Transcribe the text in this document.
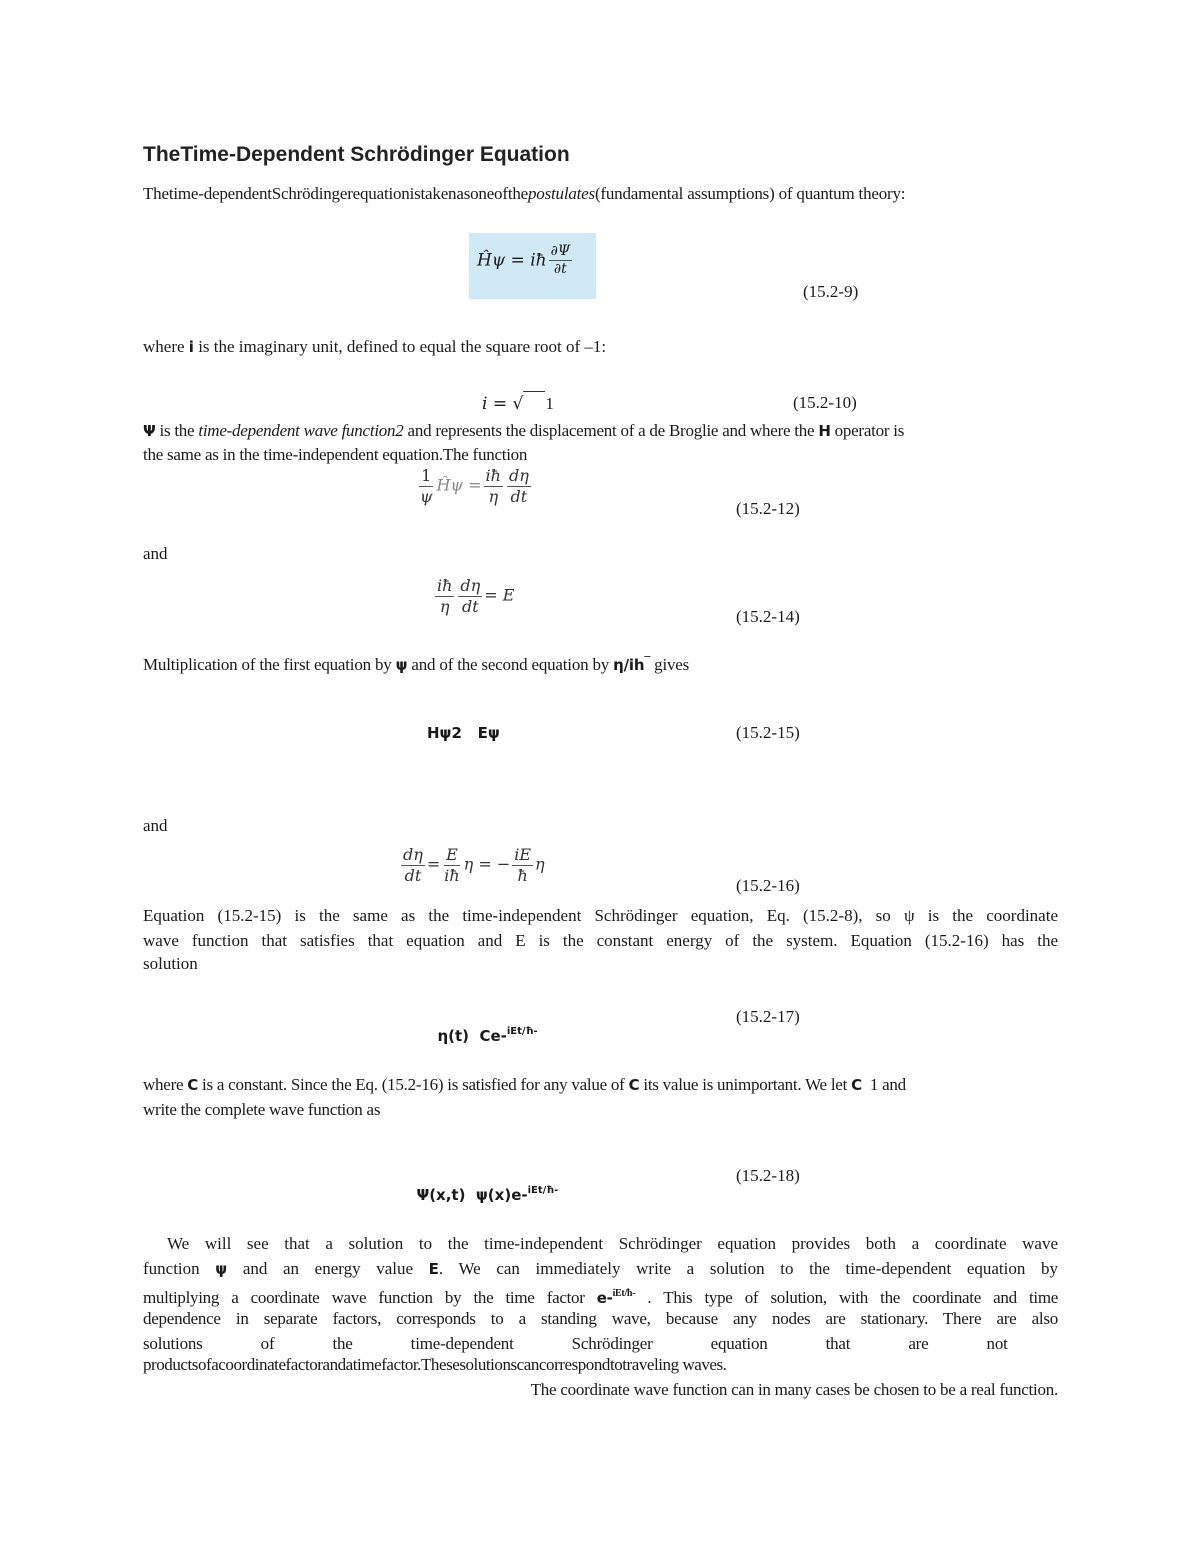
TheTime-Dependent Schrödinger Equation
Thetime-dependentSchrödingerequationistakenasoneofthepostulates(fundamental assumptions) of quantum theory:
Ĥψ = iħ $\frac{\partial\Psi}{\partial t}$
(15.2-9)
where i is the imaginary unit, defined to equal the square root of –1:
i = √ 1	(15.2-10)
Ψ is the time-dependent wave function2 and represents the displacement of a de Broglie and where the H operator is
the same as in the time-independent equation.The function
$\frac{1}{\psi}$ Ĥψ = $\frac{iħ}{\eta} \frac{d\eta}{dt}$
(15.2-12)
and
$\frac{iħ}{\eta} \frac{d\eta}{dt} = E$
(15.2-14)
Multiplication of the first equation by ψ and of the second equation by η/ih¯ gives
Hψ2   Eψ	(15.2-15)
and
$\frac{d\eta}{dt} = \frac{E}{iħ}$ η = − $\frac{iE}{ħ}$ η
(15.2-16)
Equation (15.2-15) is the same as the time-independent Schrödinger equation, Eq. (15.2-8), so ψ is the coordinate
wave function that satisfies that equation and E is the constant energy of the system. Equation (15.2-16) has the
solution

η(t)  Ce-$^{iEt/ħ-}$

(15.2-17)
where C is a constant. Since the Eq. (15.2-16) is satisfied for any value of C its value is unimportant. We let C  1 and
write the complete wave function as

Ψ(x,t)  ψ(x)e-$^{iEt/ħ-}$

(15.2-18)
We will see that a solution to the time-independent Schrödinger equation provides both a coordinate wave
function ψ and an energy value E. We can immediately write a solution to the time-dependent equation by
multiplying a coordinate wave function by the time factor e-$^{iEt/ħ-}$ . This type of solution, with the coordinate and time
dependence in separate factors, corresponds to a standing wave, because any nodes are stationary. There are also
solutions of the time-dependent Schrödinger equation that are not
productsofacoordinatefactorandatimefactor.Thesesolutionscancorrespondtotraveling waves.
The coordinate wave function can in many cases be chosen to be a real function.
